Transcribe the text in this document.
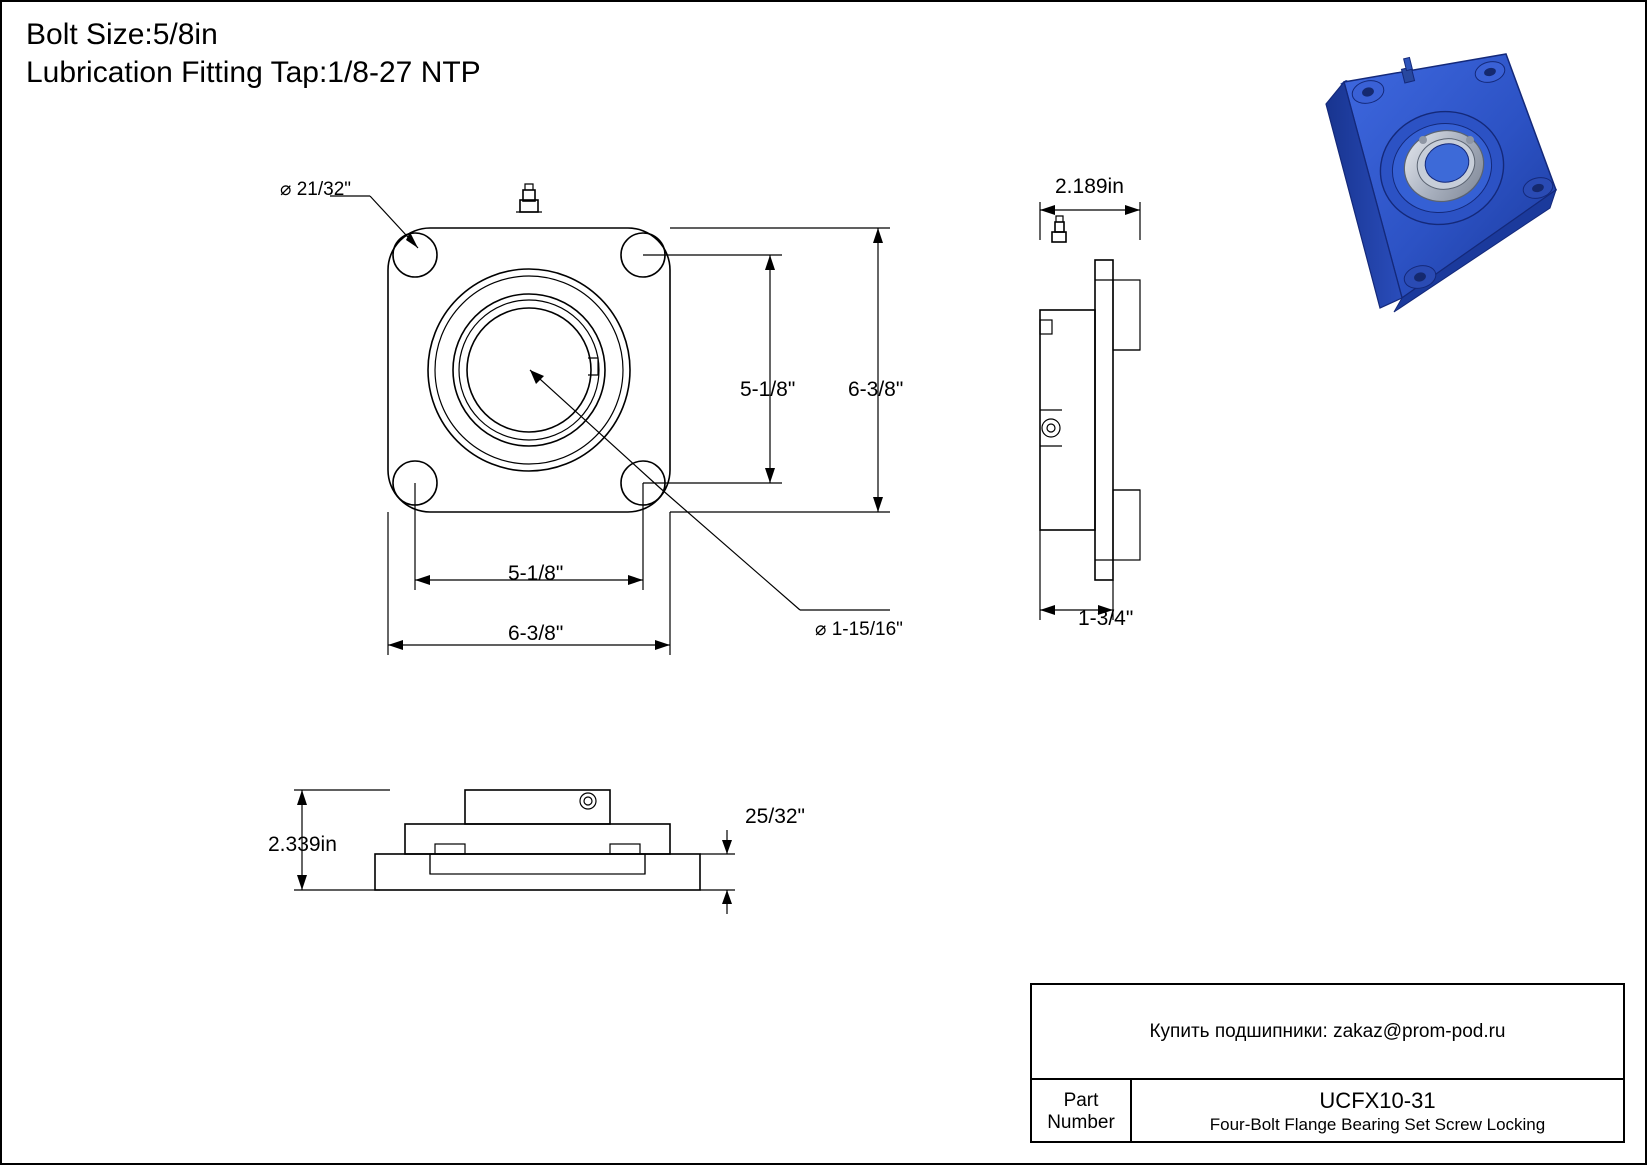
Bolt Size:5/8in
Lubrication Fitting Tap:1/8-27 NTP
⌀ 21/32"
⌀ 1-15/16"
5-1/8"	6-3/8"
5-1/8"
6-3/8"
2.189in
1-3/4"
2.339in
25/32"
Купить подшипники: zakaz@prom-pod.ru
Part
Number
UCFX10-31
Four-Bolt Flange Bearing Set Screw Locking
